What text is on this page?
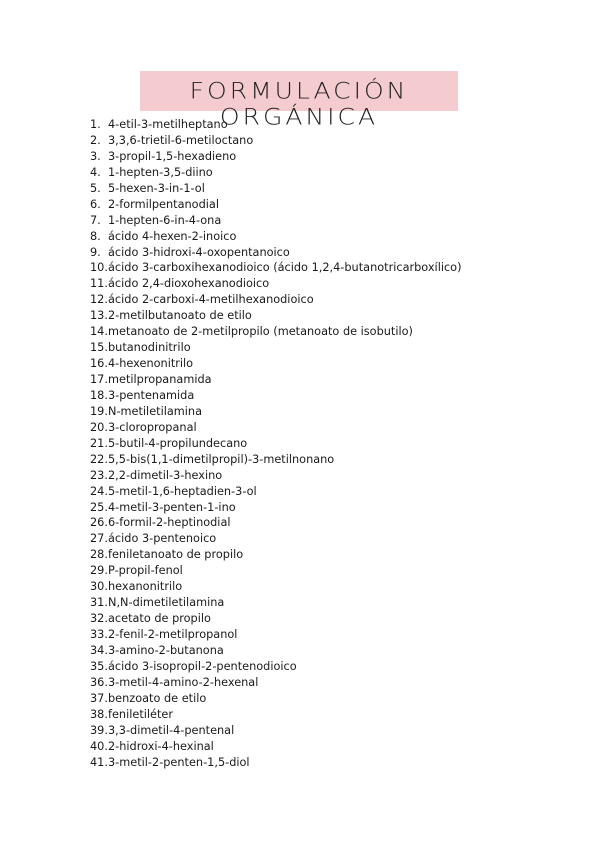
FORMULACIÓN ORGÁNICA
1. 4-etil-3-metilheptano
2. 3,3,6-trietil-6-metiloctano
3. 3-propil-1,5-hexadieno
4. 1-hepten-3,5-diino
5. 5-hexen-3-in-1-ol
6. 2-formilpentanodial
7. 1-hepten-6-in-4-ona
8. ácido 4-hexen-2-inoico
9. ácido 3-hidroxi-4-oxopentanoico
10.ácido 3-carboxihexanodioico (ácido 1,2,4-butanotricarboxílico)
11.ácido 2,4-dioxohexanodioico
12.ácido 2-carboxi-4-metilhexanodioico
13.2-metilbutanoato de etilo
14.metanoato de 2-metilpropilo (metanoato de isobutilo)
15.butanodinitrilo
16.4-hexenonitrilo
17.metilpropanamida
18.3-pentenamida
19.N-metiletilamina
20.3-cloropropanal
21.5-butil-4-propilundecano
22.5,5-bis(1,1-dimetilpropil)-3-metilnonano
23.2,2-dimetil-3-hexino
24.5-metil-1,6-heptadien-3-ol
25.4-metil-3-penten-1-ino
26.6-formil-2-heptinodial
27.ácido 3-pentenoico
28.feniletanoato de propilo
29.P-propil-fenol
30.hexanonitrilo
31.N,N-dimetiletilamina
32.acetato de propilo
33.2-fenil-2-metilpropanol
34.3-amino-2-butanona
35.ácido 3-isopropil-2-pentenodioico
36.3-metil-4-amino-2-hexenal
37.benzoato de etilo
38.feniletiléter
39.3,3-dimetil-4-pentenal
40.2-hidroxi-4-hexinal
41.3-metil-2-penten-1,5-diol
